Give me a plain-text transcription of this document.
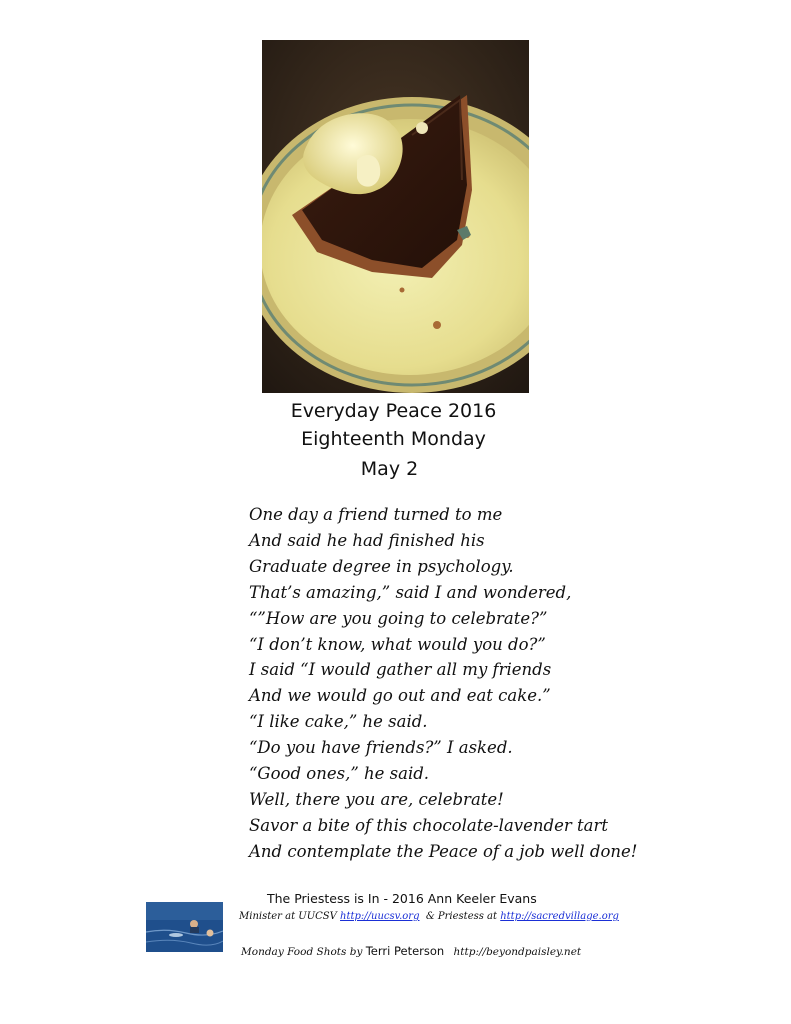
Everyday Peace 2016
Eighteenth Monday
May 2
One day a friend turned to me
And said he had finished his
Graduate degree in psychology.
That’s amazing,” said I and wondered,
“”How are you going to celebrate?”
“I don’t know, what would you do?”
I said “I would gather all my friends
And we would go out and eat cake.”
“I like cake,” he said.
“Do you have friends?” I asked.
“Good ones,” he said.
Well, there you are, celebrate!
Savor a bite of this chocolate-lavender tart
And contemplate the Peace of a job well done!
The Priestess is In - 2016 Ann Keeler Evans
Minister at UUCSV http://uucsv.org  & Priestess at http://sacredvillage.org
Monday Food Shots by Terri Peterson http://beyondpaisley.net
